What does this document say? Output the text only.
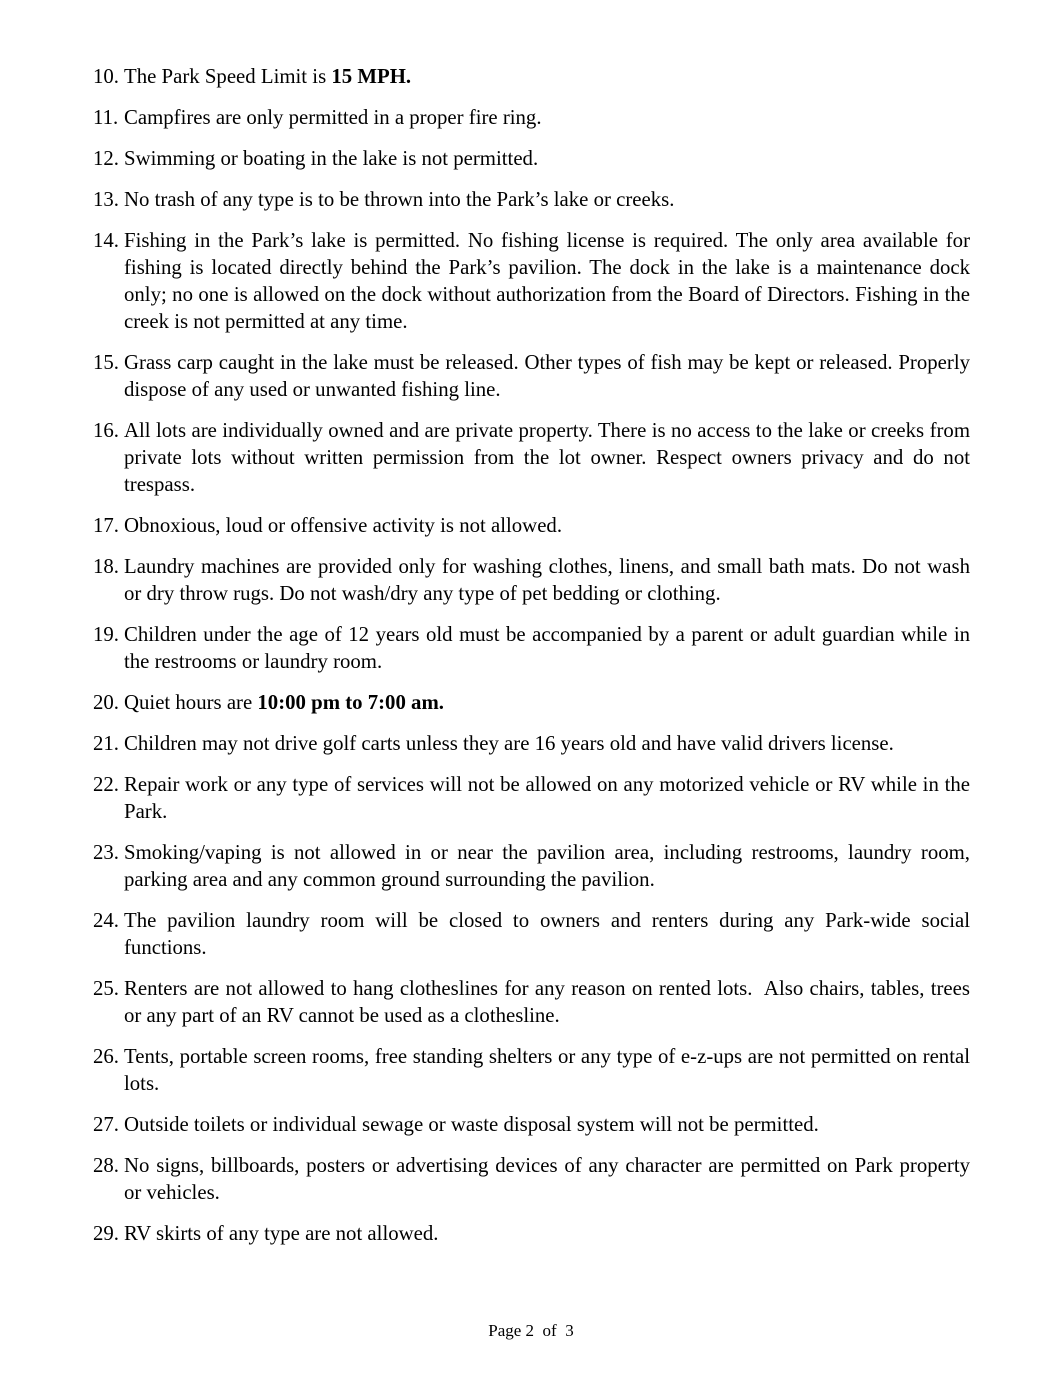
10. The Park Speed Limit is 15 MPH.
11. Campfires are only permitted in a proper fire ring.
12. Swimming or boating in the lake is not permitted.
13. No trash of any type is to be thrown into the Park’s lake or creeks.
14. Fishing in the Park’s lake is permitted. No fishing license is required. The only area available for fishing is located directly behind the Park’s pavilion. The dock in the lake is a maintenance dock only; no one is allowed on the dock without authorization from the Board of Directors. Fishing in the creek is not permitted at any time.
15. Grass carp caught in the lake must be released. Other types of fish may be kept or released. Properly dispose of any used or unwanted fishing line.
16. All lots are individually owned and are private property. There is no access to the lake or creeks from private lots without written permission from the lot owner. Respect owners privacy and do not trespass.
17. Obnoxious, loud or offensive activity is not allowed.
18. Laundry machines are provided only for washing clothes, linens, and small bath mats. Do not wash or dry throw rugs. Do not wash/dry any type of pet bedding or clothing.
19. Children under the age of 12 years old must be accompanied by a parent or adult guardian while in the restrooms or laundry room.
20. Quiet hours are 10:00 pm to 7:00 am.
21. Children may not drive golf carts unless they are 16 years old and have valid drivers license.
22. Repair work or any type of services will not be allowed on any motorized vehicle or RV while in the Park.
23. Smoking/vaping is not allowed in or near the pavilion area, including restrooms, laundry room, parking area and any common ground surrounding the pavilion.
24. The pavilion laundry room will be closed to owners and renters during any Park-wide social functions.
25. Renters are not allowed to hang clotheslines for any reason on rented lots.  Also chairs, tables, trees or any part of an RV cannot be used as a clothesline.
26. Tents, portable screen rooms, free standing shelters or any type of e-z-ups are not permitted on rental lots.
27. Outside toilets or individual sewage or waste disposal system will not be permitted.
28. No signs, billboards, posters or advertising devices of any character are permitted on Park property or vehicles.
29. RV skirts of any type are not allowed.
Page 2  of  3
